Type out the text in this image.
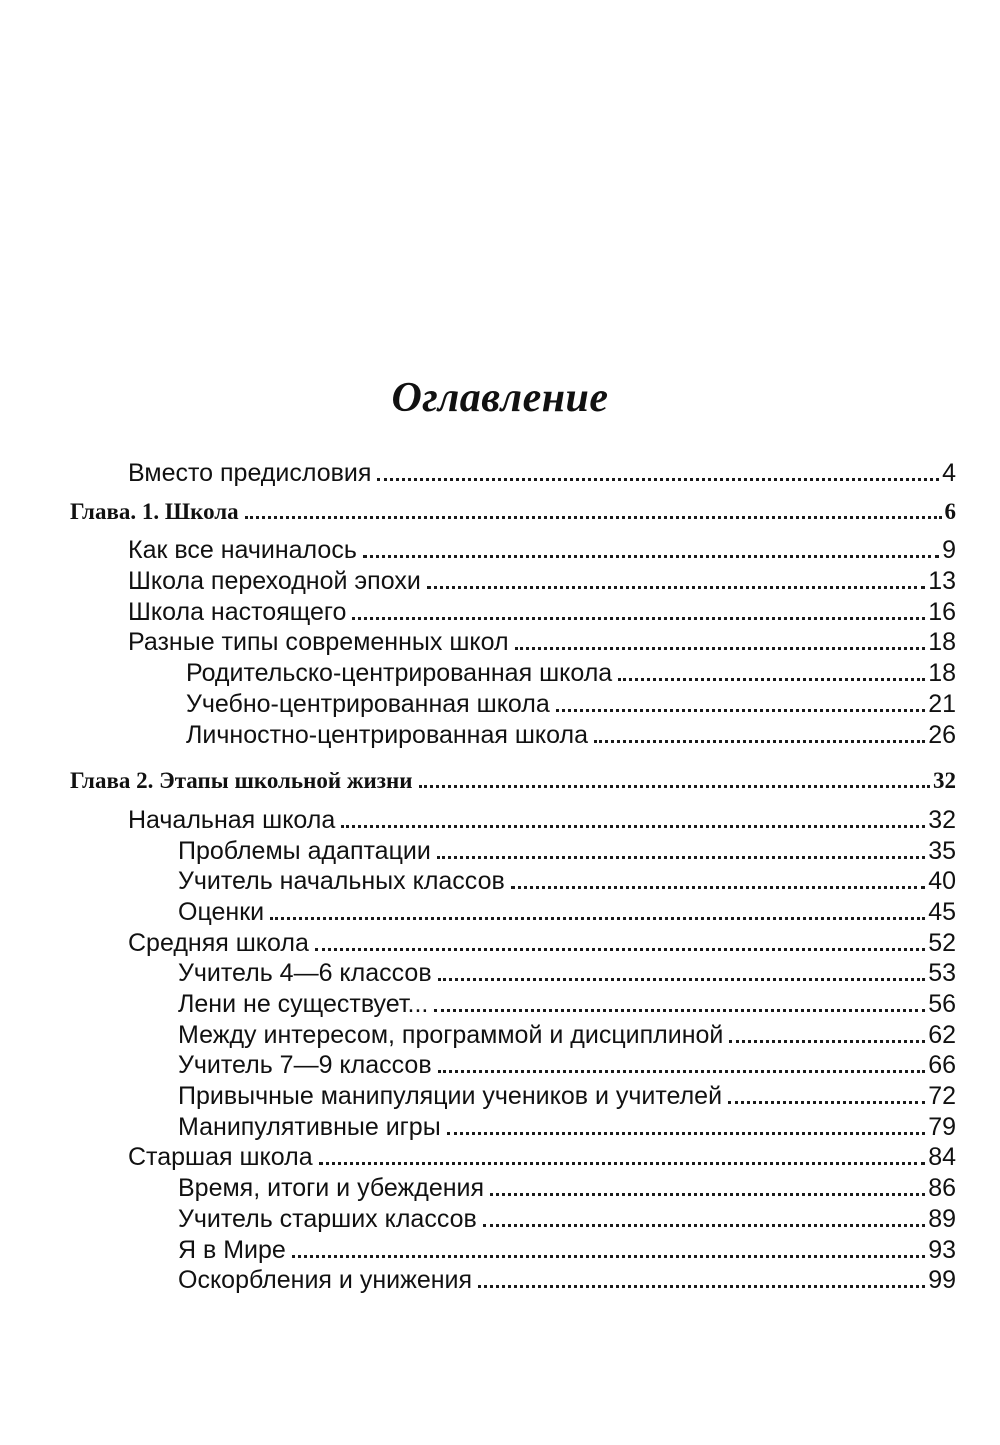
Оглавление
Вместо предисловия	4
Глава. 1. Школа	6
Как все начиналось	9
Школа переходной эпохи	13
Школа настоящего	16
Разные типы современных школ	18
Родительско-центрированная школа	18
Учебно-центрированная школа	21
Личностно-центрированная школа	26
Глава 2. Этапы школьной жизни	32
Начальная школа	32
Проблемы адаптации	35
Учитель начальных классов	40
Оценки	45
Средняя школа	52
Учитель 4—6 классов	53
Лени не существует...	56
Между интересом, программой и дисциплиной	62
Учитель 7—9 классов	66
Привычные манипуляции учеников и учителей	72
Манипулятивные игры	79
Старшая школа	84
Время, итоги и убеждения	86
Учитель старших классов	89
Я в Мире	93
Оскорбления и унижения	99
